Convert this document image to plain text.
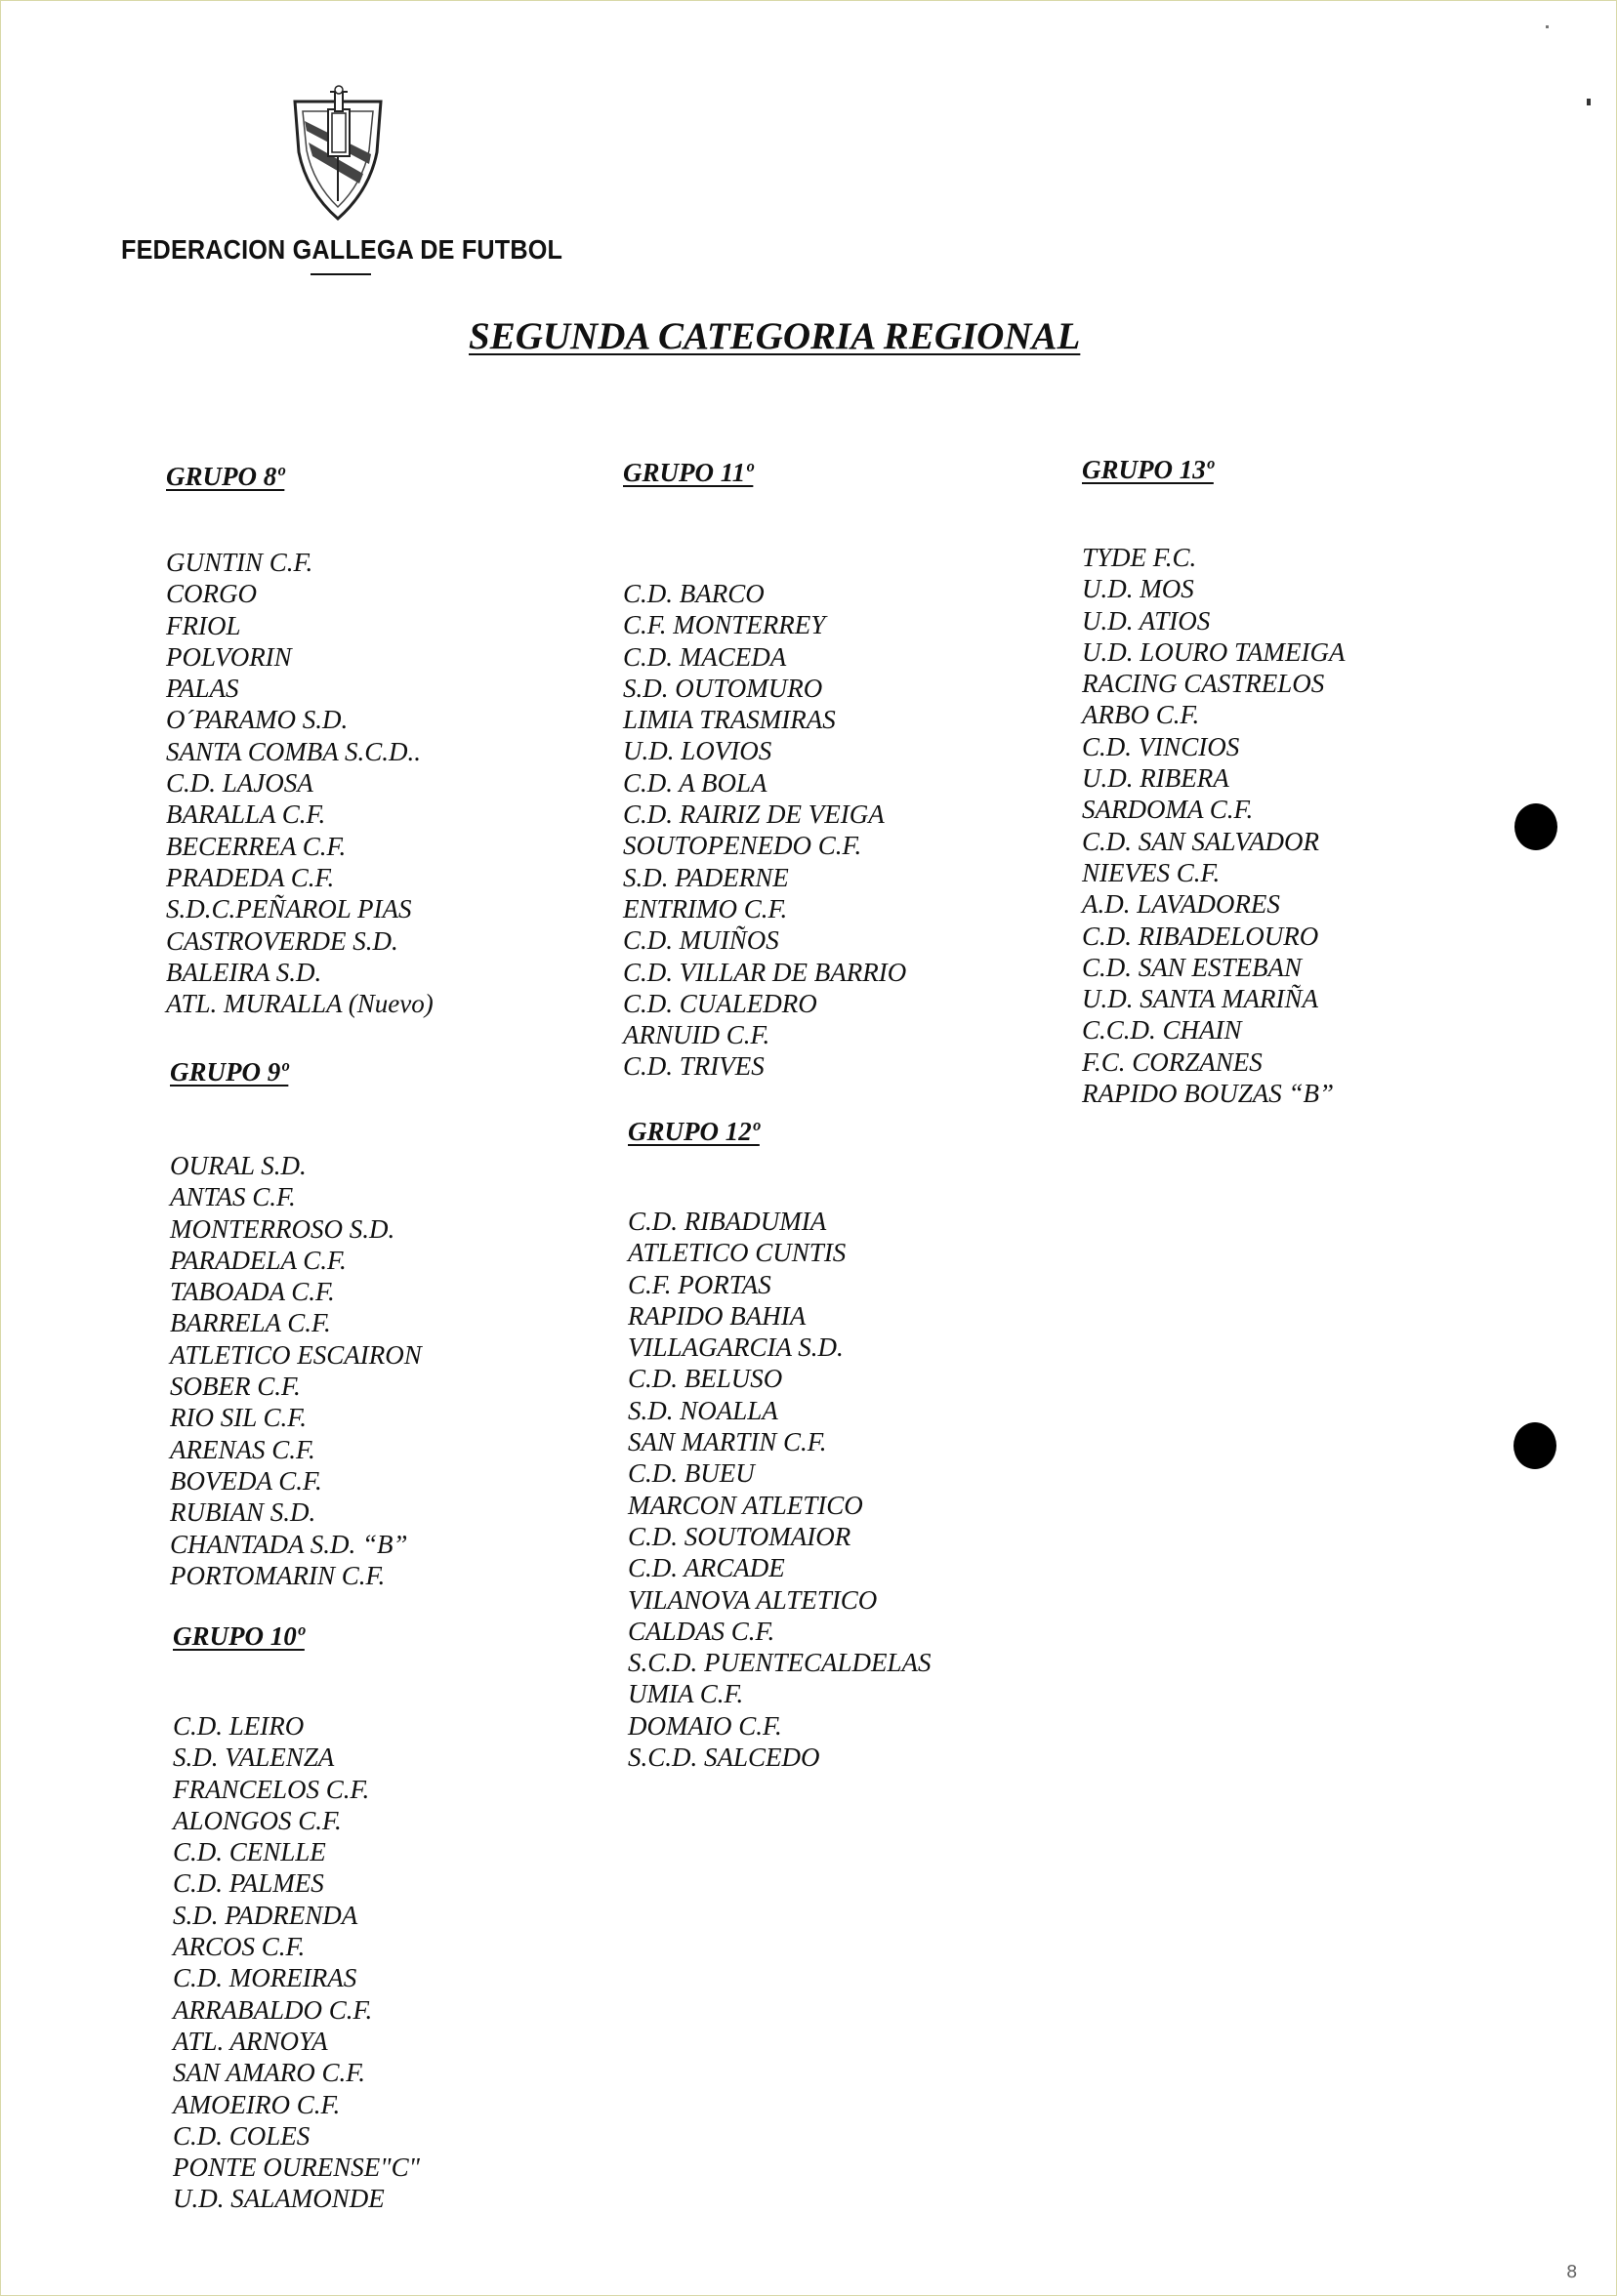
FEDERACION GALLEGA DE FUTBOL
SEGUNDA CATEGORIA REGIONAL
GRUPO 8º
GUNTIN C.F.
CORGO
FRIOL
POLVORIN
PALAS
O´PARAMO S.D.
SANTA COMBA S.C.D..
C.D. LAJOSA
BARALLA C.F.
BECERREA C.F.
PRADEDA C.F.
S.D.C.PEÑAROL PIAS
CASTROVERDE S.D.
BALEIRA S.D.
ATL. MURALLA (Nuevo)
GRUPO 9º
OURAL S.D.
ANTAS C.F.
MONTERROSO S.D.
PARADELA C.F.
TABOADA C.F.
BARRELA C.F.
ATLETICO ESCAIRON
SOBER C.F.
RIO SIL C.F.
ARENAS C.F.
BOVEDA C.F.
RUBIAN S.D.
CHANTADA S.D. “B”
PORTOMARIN C.F.
GRUPO 10º
C.D. LEIRO
S.D. VALENZA
FRANCELOS C.F.
ALONGOS C.F.
C.D. CENLLE
C.D. PALMES
S.D. PADRENDA
ARCOS C.F.
C.D. MOREIRAS
ARRABALDO C.F.
ATL. ARNOYA
SAN AMARO C.F.
AMOEIRO C.F.
C.D. COLES
PONTE OURENSE"C"
U.D. SALAMONDE
GRUPO 11º
C.D. BARCO
C.F. MONTERREY
C.D. MACEDA
S.D. OUTOMURO
LIMIA TRASMIRAS
U.D. LOVIOS
C.D. A BOLA
C.D. RAIRIZ DE VEIGA
SOUTOPENEDO C.F.
S.D. PADERNE
ENTRIMO C.F.
C.D. MUIÑOS
C.D. VILLAR DE BARRIO
C.D. CUALEDRO
ARNUID C.F.
C.D. TRIVES
GRUPO 12º
C.D. RIBADUMIA
ATLETICO CUNTIS
C.F. PORTAS
RAPIDO BAHIA
VILLAGARCIA S.D.
C.D. BELUSO
S.D. NOALLA
SAN MARTIN C.F.
C.D. BUEU
MARCON ATLETICO
C.D. SOUTOMAIOR
C.D. ARCADE
VILANOVA ALTETICO
CALDAS C.F.
S.C.D. PUENTECALDELAS
UMIA C.F.
DOMAIO C.F.
S.C.D. SALCEDO
GRUPO 13º
TYDE F.C.
U.D. MOS
U.D. ATIOS
U.D. LOURO TAMEIGA
RACING CASTRELOS
ARBO C.F.
C.D. VINCIOS
U.D. RIBERA
SARDOMA C.F.
C.D. SAN SALVADOR
NIEVES C.F.
A.D. LAVADORES
C.D. RIBADELOURO
C.D. SAN ESTEBAN
U.D. SANTA MARIÑA
C.C.D. CHAIN
F.C. CORZANES
RAPIDO BOUZAS “B”
8
